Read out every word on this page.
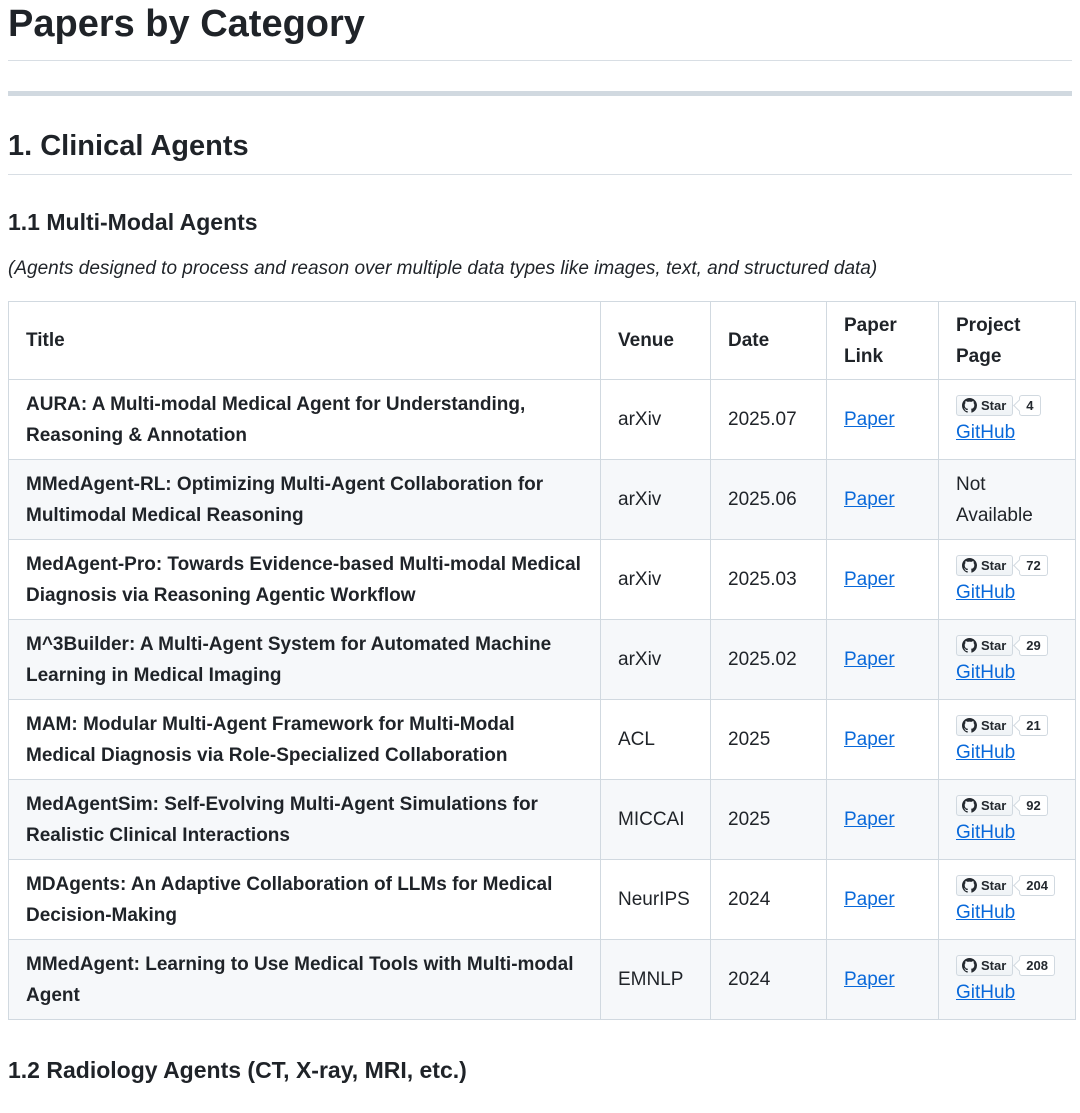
Papers by Category
1. Clinical Agents
1.1 Multi-Modal Agents

(Agents designed to process and reason over multiple data types like images, text, and structured data)

Title	Venue	Date	Paper Link	Project Page
AURA: A Multi-modal Medical Agent for Understanding, Reasoning & Annotation	arXiv	2025.07	Paper	Star 4
GitHub

MMedAgent-RL: Optimizing Multi-Agent Collaboration for Multimodal Medical Reasoning	arXiv	2025.06	Paper	Not Available
MedAgent-Pro: Towards Evidence-based Multi-modal Medical Diagnosis via Reasoning Agentic Workflow	arXiv	2025.03	Paper	Star 72
GitHub

M^3Builder: A Multi-Agent System for Automated Machine Learning in Medical Imaging	arXiv	2025.02	Paper	Star 29
GitHub

MAM: Modular Multi-Agent Framework for Multi-Modal Medical Diagnosis via Role-Specialized Collaboration	ACL	2025	Paper	Star 21
GitHub

MedAgentSim: Self-Evolving Multi-Agent Simulations for Realistic Clinical Interactions	MICCAI	2025	Paper	Star 92
GitHub

MDAgents: An Adaptive Collaboration of LLMs for Medical Decision-Making	NeurIPS	2024	Paper	Star 204
GitHub

MMedAgent: Learning to Use Medical Tools with Multi-modal Agent	EMNLP	2024	Paper	Star 208
GitHub
1.2 Radiology Agents (CT, X-ray, MRI, etc.)
